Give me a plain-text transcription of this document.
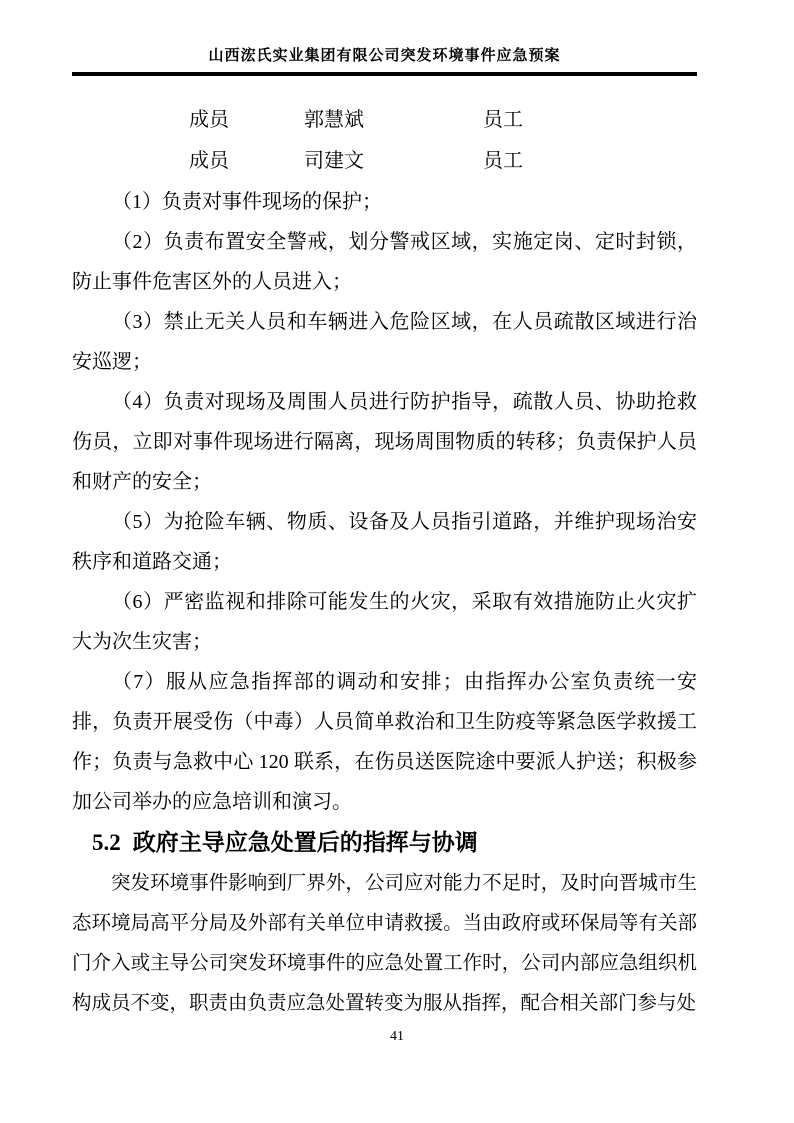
山西浤氏实业集团有限公司突发环境事件应急预案
成员	郭慧斌	员工
成员	司建文	员工

（1）负责对事件现场的保护；

（2）负责布置安全警戒，划分警戒区域，实施定岗、定时封锁，防止事件危害区外的人员进入；

（3）禁止无关人员和车辆进入危险区域，在人员疏散区域进行治安巡逻；

（4）负责对现场及周围人员进行防护指导，疏散人员、协助抢救伤员，立即对事件现场进行隔离，现场周围物质的转移；负责保护人员和财产的安全；

（5）为抢险车辆、物质、设备及人员指引道路，并维护现场治安秩序和道路交通；

（6）严密监视和排除可能发生的火灾，采取有效措施防止火灾扩大为次生灾害；

（7）服从应急指挥部的调动和安排；由指挥办公室负责统一安排，负责开展受伤（中毒）人员简单救治和卫生防疫等紧急医学救援工作；负责与急救中心 120 联系，在伤员送医院途中要派人护送；积极参加公司举办的应急培训和演习。

5.2 政府主导应急处置后的指挥与协调

突发环境事件影响到厂界外，公司应对能力不足时，及时向晋城市生态环境局高平分局及外部有关单位申请救援。当由政府或环保局等有关部门介入或主导公司突发环境事件的应急处置工作时，公司内部应急组织机构成员不变，职责由负责应急处置转变为服从指挥，配合相关部门参与处

41
